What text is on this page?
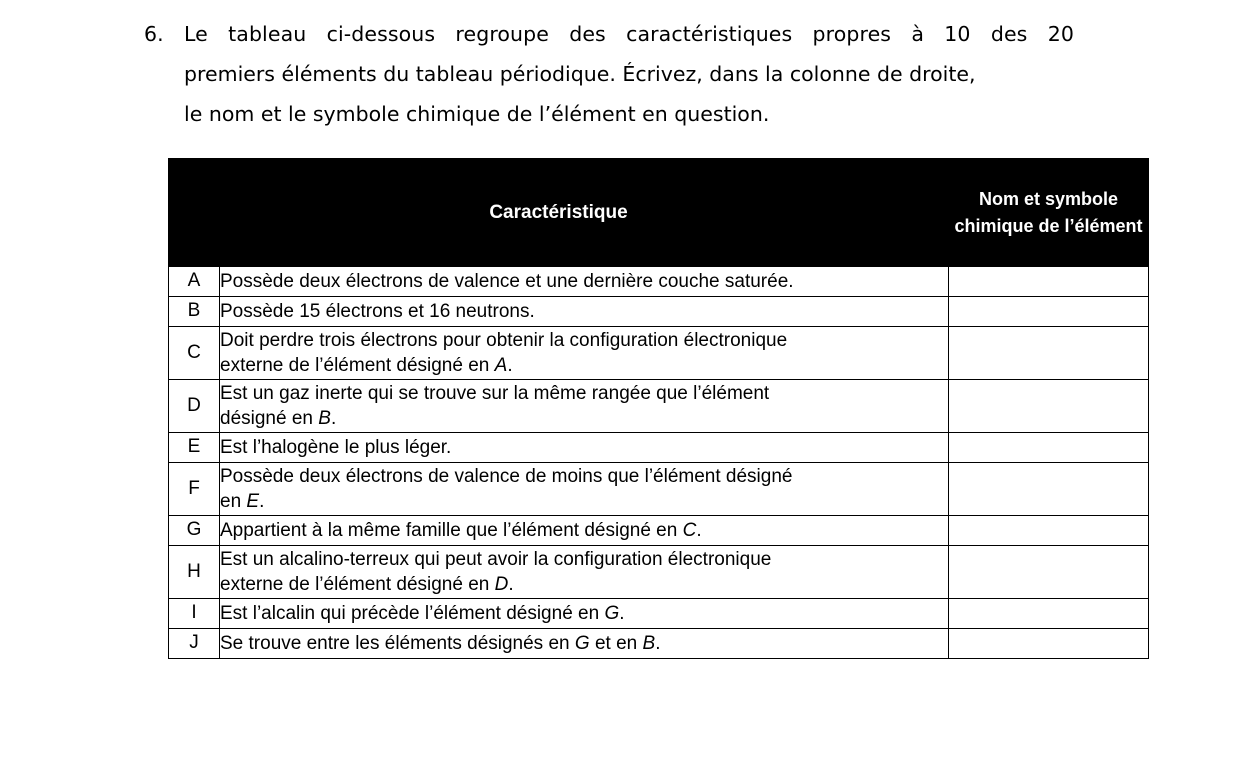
6. Le tableau ci-dessous regroupe des caractéristiques propres à 10 des 20
premiers éléments du tableau périodique. Écrivez, dans la colonne de droite,
le nom et le symbole chimique de l’élément en question.
Caractéristique		Nom et symbole chimique de l’élément
A	Possède deux électrons de valence et une dernière couche saturée.	
B	Possède 15 électrons et 16 neutrons.	
C	Doit perdre trois électrons pour obtenir la configuration électronique
externe de l’élément désigné en A.	
D	Est un gaz inerte qui se trouve sur la même rangée que l’élément
désigné en B.	
E	Est l’halogène le plus léger.	
F	Possède deux électrons de valence de moins que l’élément désigné
en E.	
G	Appartient à la même famille que l’élément désigné en C.	
H	Est un alcalino-terreux qui peut avoir la configuration électronique
externe de l’élément désigné en D.	
I	Est l’alcalin qui précède l’élément désigné en G.	
J	Se trouve entre les éléments désignés en G et en B.	
